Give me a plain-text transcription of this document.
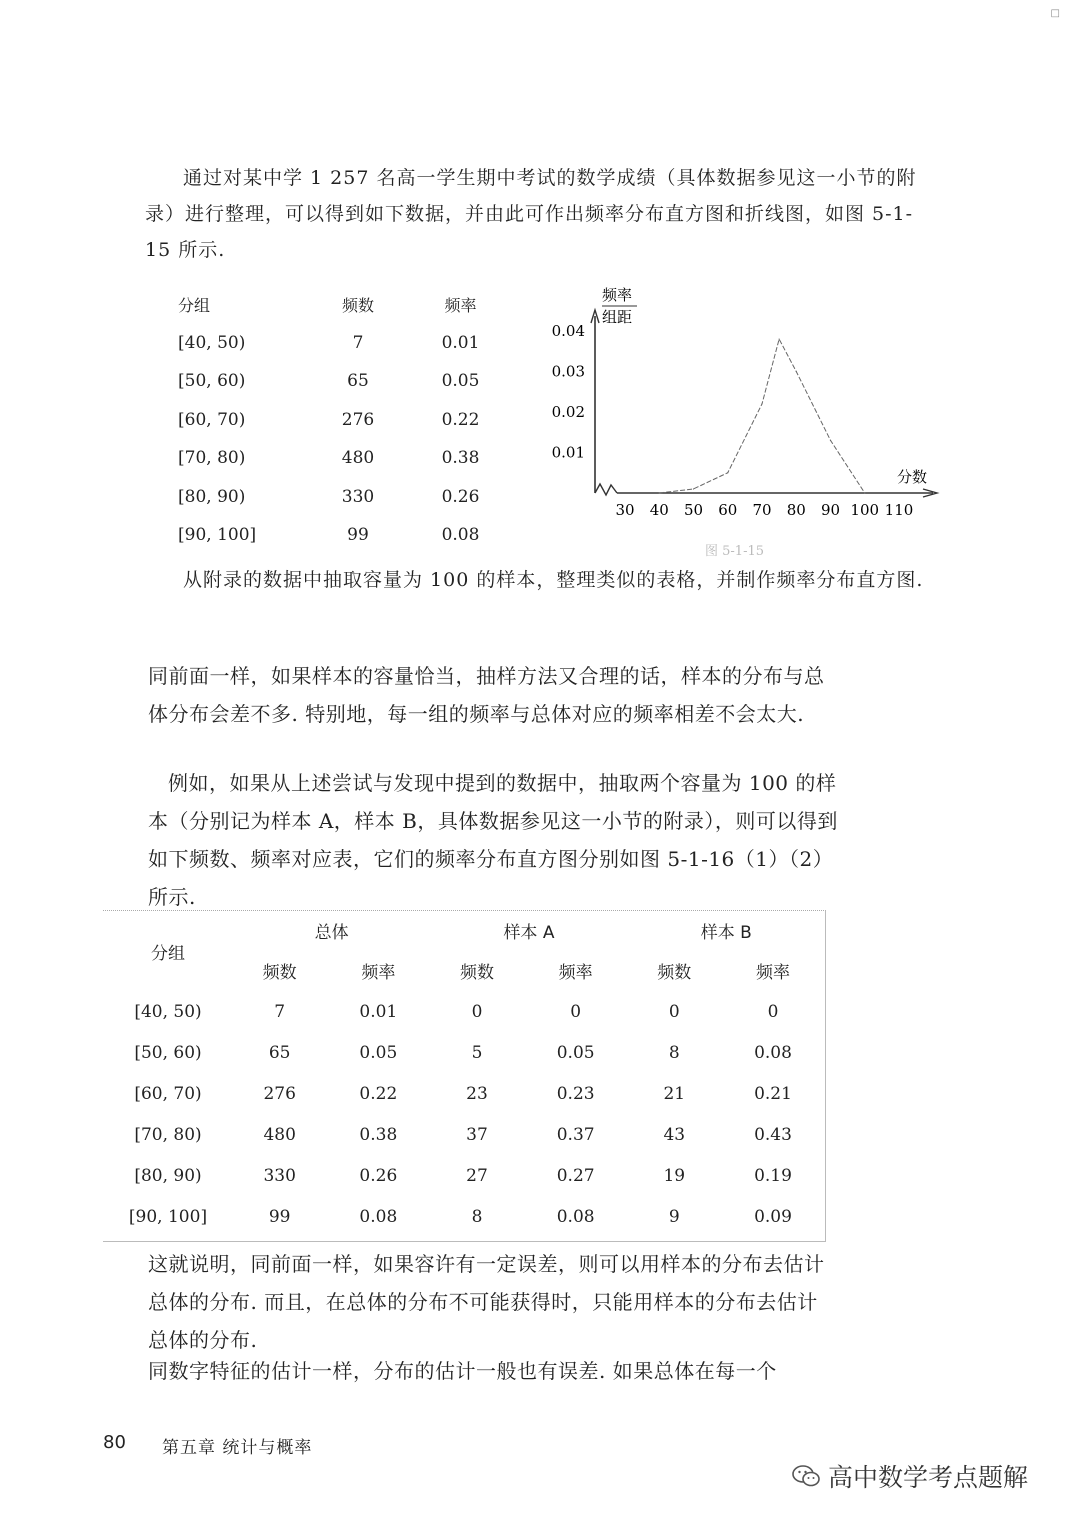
□

通过对某中学 1 257 名高一学生期中考试的数学成绩（具体数据参见这一小节的附录）进行整理，可以得到如下数据，并由此可作出频率分布直方图和折线图，如图 5-1-15 所示.

分组	频数	频率
[40, 50)	7	0.01
[50, 60)	65	0.05
[60, 70)	276	0.22
[70, 80)	480	0.38
[80, 90)	330	0.26
[90, 100]	99	0.08
频率
组距
分数
0.01
0.02
0.03
0.04
30 40 50 60 70 80 90 100 110
图 5-1-15

从附录的数据中抽取容量为 100 的样本，整理类似的表格，并制作频率分布直方图.

同前面一样，如果样本的容量恰当，抽样方法又合理的话，样本的分布与总体分布会差不多. 特别地，每一组的频率与总体对应的频率相差不会太大.

例如，如果从上述尝试与发现中提到的数据中，抽取两个容量为 100 的样本（分别记为样本 A，样本 B，具体数据参见这一小节的附录），则可以得到如下频数、频率对应表，它们的频率分布直方图分别如图 5-1-16（1）（2）所示.

分组	总体		样本 A		样本 B	
	频数	频率	频数	频率	频数	频率
[40, 50)	7	0.01	0	0	0	0
[50, 60)	65	0.05	5	0.05	8	0.08
[60, 70)	276	0.22	23	0.23	21	0.21
[70, 80)	480	0.38	37	0.37	43	0.43
[80, 90)	330	0.26	27	0.27	19	0.19
[90, 100]	99	0.08	8	0.08	9	0.09

这就说明，同前面一样，如果容许有一定误差，则可以用样本的分布去估计总体的分布. 而且，在总体的分布不可能获得时，只能用样本的分布去估计总体的分布.

同数字特征的估计一样，分布的估计一般也有误差. 如果总体在每一个

80 第五章 统计与概率
高中数学考点题解
